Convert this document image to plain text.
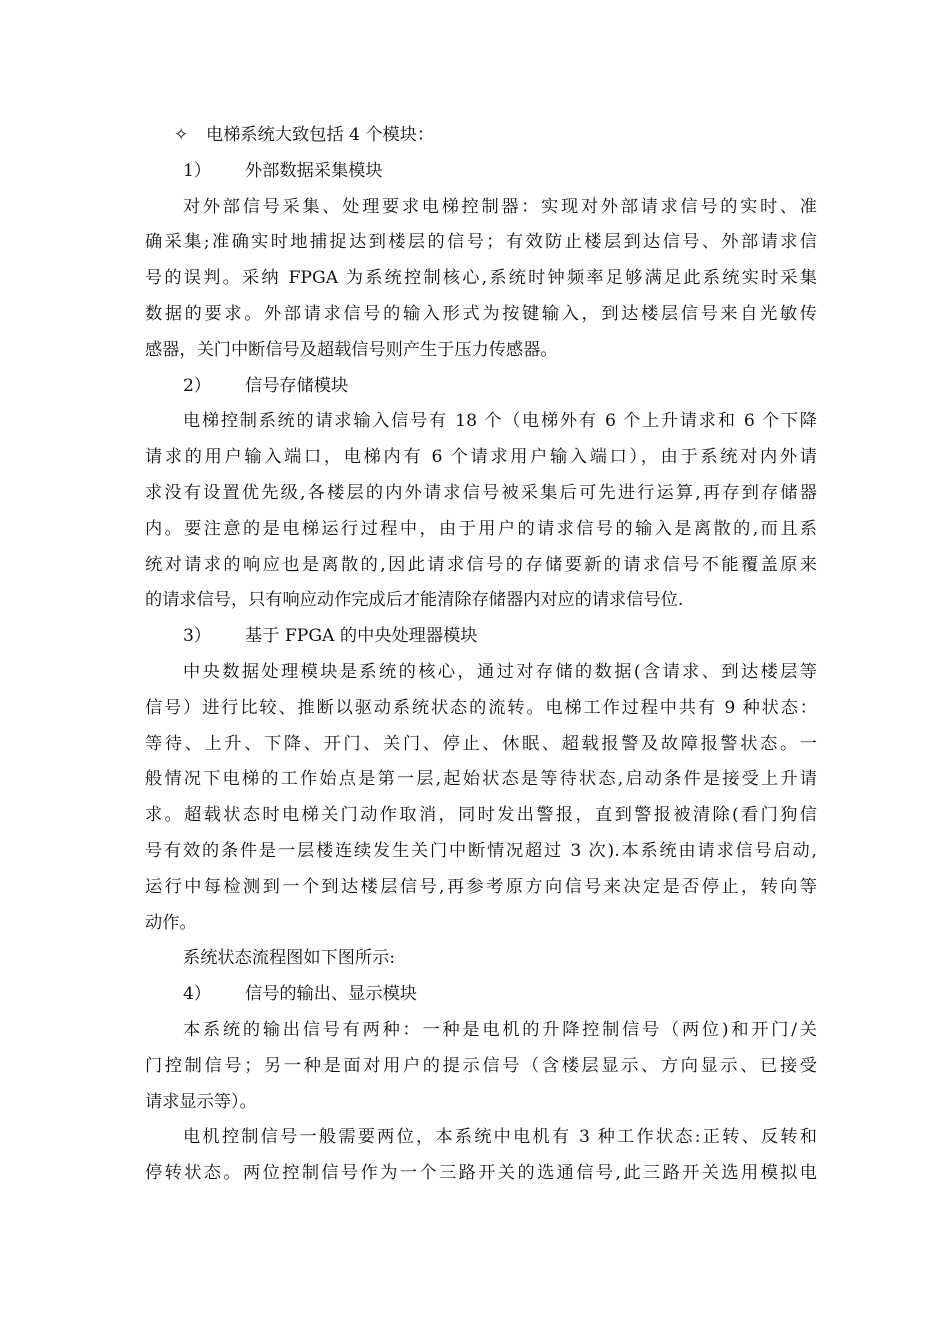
✧ 电梯系统大致包括 4 个模块：
1） 外部数据采集模块
对外部信号采集、处理要求电梯控制器：实现对外部请求信号的实时、准
确采集;准确实时地捕捉达到楼层的信号；有效防止楼层到达信号、外部请求信
号的误判。采纳 FPGA 为系统控制核心,系统时钟频率足够满足此系统实时采集
数据的要求。外部请求信号的输入形式为按键输入，到达楼层信号来自光敏传
感器，关门中断信号及超载信号则产生于压力传感器。
2） 信号存储模块
电梯控制系统的请求输入信号有 18 个（电梯外有 6 个上升请求和 6 个下降
请求的用户输入端口，电梯内有 6 个请求用户输入端口），由于系统对内外请
求没有设置优先级,各楼层的内外请求信号被采集后可先进行运算,再存到存储器
内。要注意的是电梯运行过程中，由于用户的请求信号的输入是离散的,而且系
统对请求的响应也是离散的,因此请求信号的存储要新的请求信号不能覆盖原来
的请求信号，只有响应动作完成后才能清除存储器内对应的请求信号位.
3） 基于 FPGA 的中央处理器模块
中央数据处理模块是系统的核心，通过对存储的数据(含请求、到达楼层等
信号）进行比较、推断以驱动系统状态的流转。电梯工作过程中共有 9 种状态：
等待、上升、下降、开门、关门、停止、休眠、超载报警及故障报警状态。一
般情况下电梯的工作始点是第一层,起始状态是等待状态,启动条件是接受上升请
求。超载状态时电梯关门动作取消，同时发出警报，直到警报被清除(看门狗信
号有效的条件是一层楼连续发生关门中断情况超过 3 次).本系统由请求信号启动,
运行中每检测到一个到达楼层信号,再参考原方向信号来决定是否停止，转向等
动作。
系统状态流程图如下图所示:
4） 信号的输出、显示模块
本系统的输出信号有两种：一种是电机的升降控制信号（两位)和开门/关
门控制信号；另一种是面对用户的提示信号（含楼层显示、方向显示、已接受
请求显示等）。
电机控制信号一般需要两位，本系统中电机有 3 种工作状态:正转、反转和
停转状态。两位控制信号作为一个三路开关的选通信号,此三路开关选用模拟电
